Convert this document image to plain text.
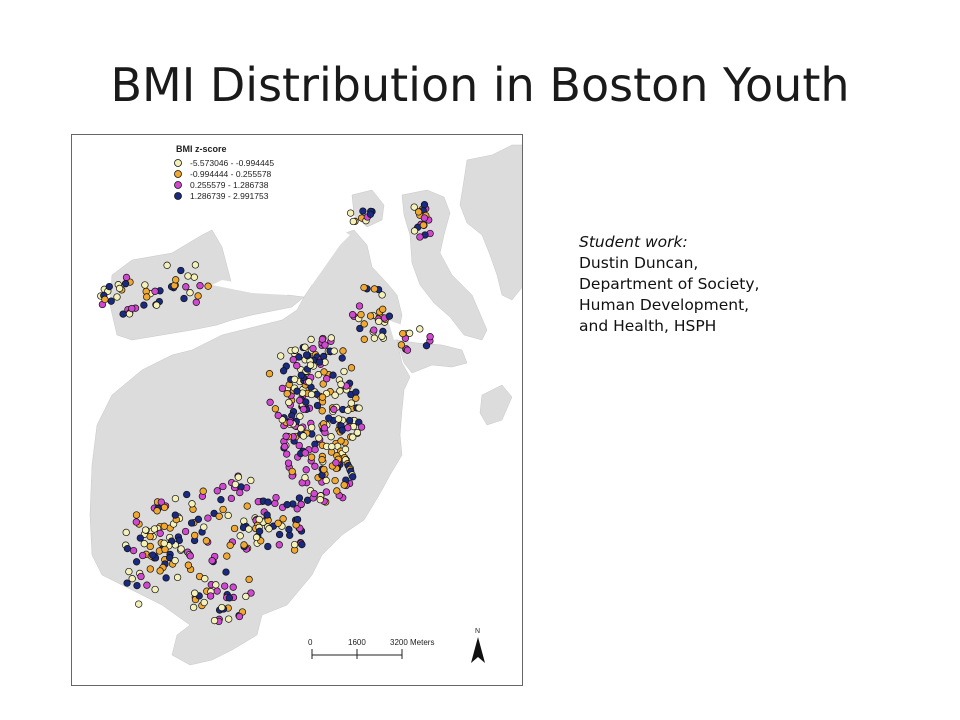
BMI Distribution in Boston Youth
BMI z-score
-5.573046 - -0.994445
-0.994444 - 0.255578
0.255579 - 1.286738
1.286739 - 2.991753
0	1600	3200 Meters
N
Student work:
Dustin Duncan,
Department of Society,
Human Development,
and Health, HSPH
